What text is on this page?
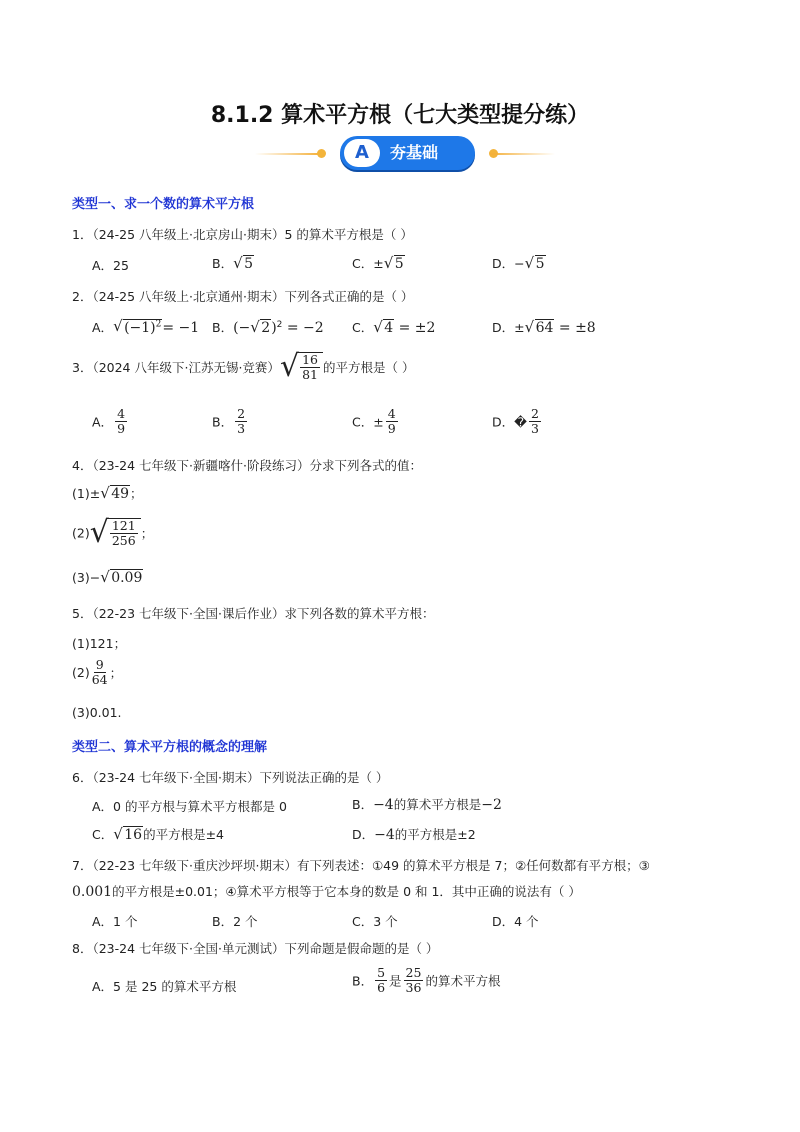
8.1.2 算术平方根（七大类型提分练）
A	夯基础
类型一、求一个数的算术平方根
1．（24-25 八年级上·北京房山·期末）5 的算术平方根是（ ）
A．25	B． √ 5	C．± √ 5	D．− √ 5
2．（24-25 八年级上·北京通州·期末）下列各式正确的是（ ）
A． √ $(-1)^2= -1$ B．(− √ 2)$^2$ = −2 C． √ 4 = ±2	D．± √ 64 = ±8
3．（2024 八年级下·江苏无锡·竞赛） √ $\frac{16}{81}$ 的平方根是（ ）
A． $\frac{4}{9}$	B． $\frac{2}{3}$	C．± $\frac{4}{9}$	D．� $\frac{2}{3}$
4．（23-24 七年级下·新疆喀什·阶段练习）分求下列各式的值：
(1)± √ 49；
(2) √ $\frac{121}{256}$ ；
(3)− √ 0.09
5．（22-23 七年级下·全国·课后作业）求下列各数的算术平方根：
(1)121；
$(2) \frac{9}{64}$ ；
(3)0.01.
类型二、算术平方根的概念的理解
6．（23-24 七年级下·全国·期末）下列说法正确的是（ ）
A．0 的平方根与算术平方根都是 0	B．−4的算术平方根是−2
C． √ 16的平方根是±4	D．−4的平方根是±2
7．（22-23 七年级下·重庆沙坪坝·期末）有下列表述：①49 的算术平方根是 7；②任何数都有平方根；③
0.001的平方根是±0.01；④算术平方根等于它本身的数是 0 和 1．其中正确的说法有（ ）
A．1 个	B．2 个	C．3 个	D．4 个
8．（23-24 七年级下·全国·单元测试）下列命题是假命题的是（ ）
A．5 是 25 的算术平方根	B． $\frac{5}{6}$ 是 $\frac{25}{36}$ 的算术平方根
